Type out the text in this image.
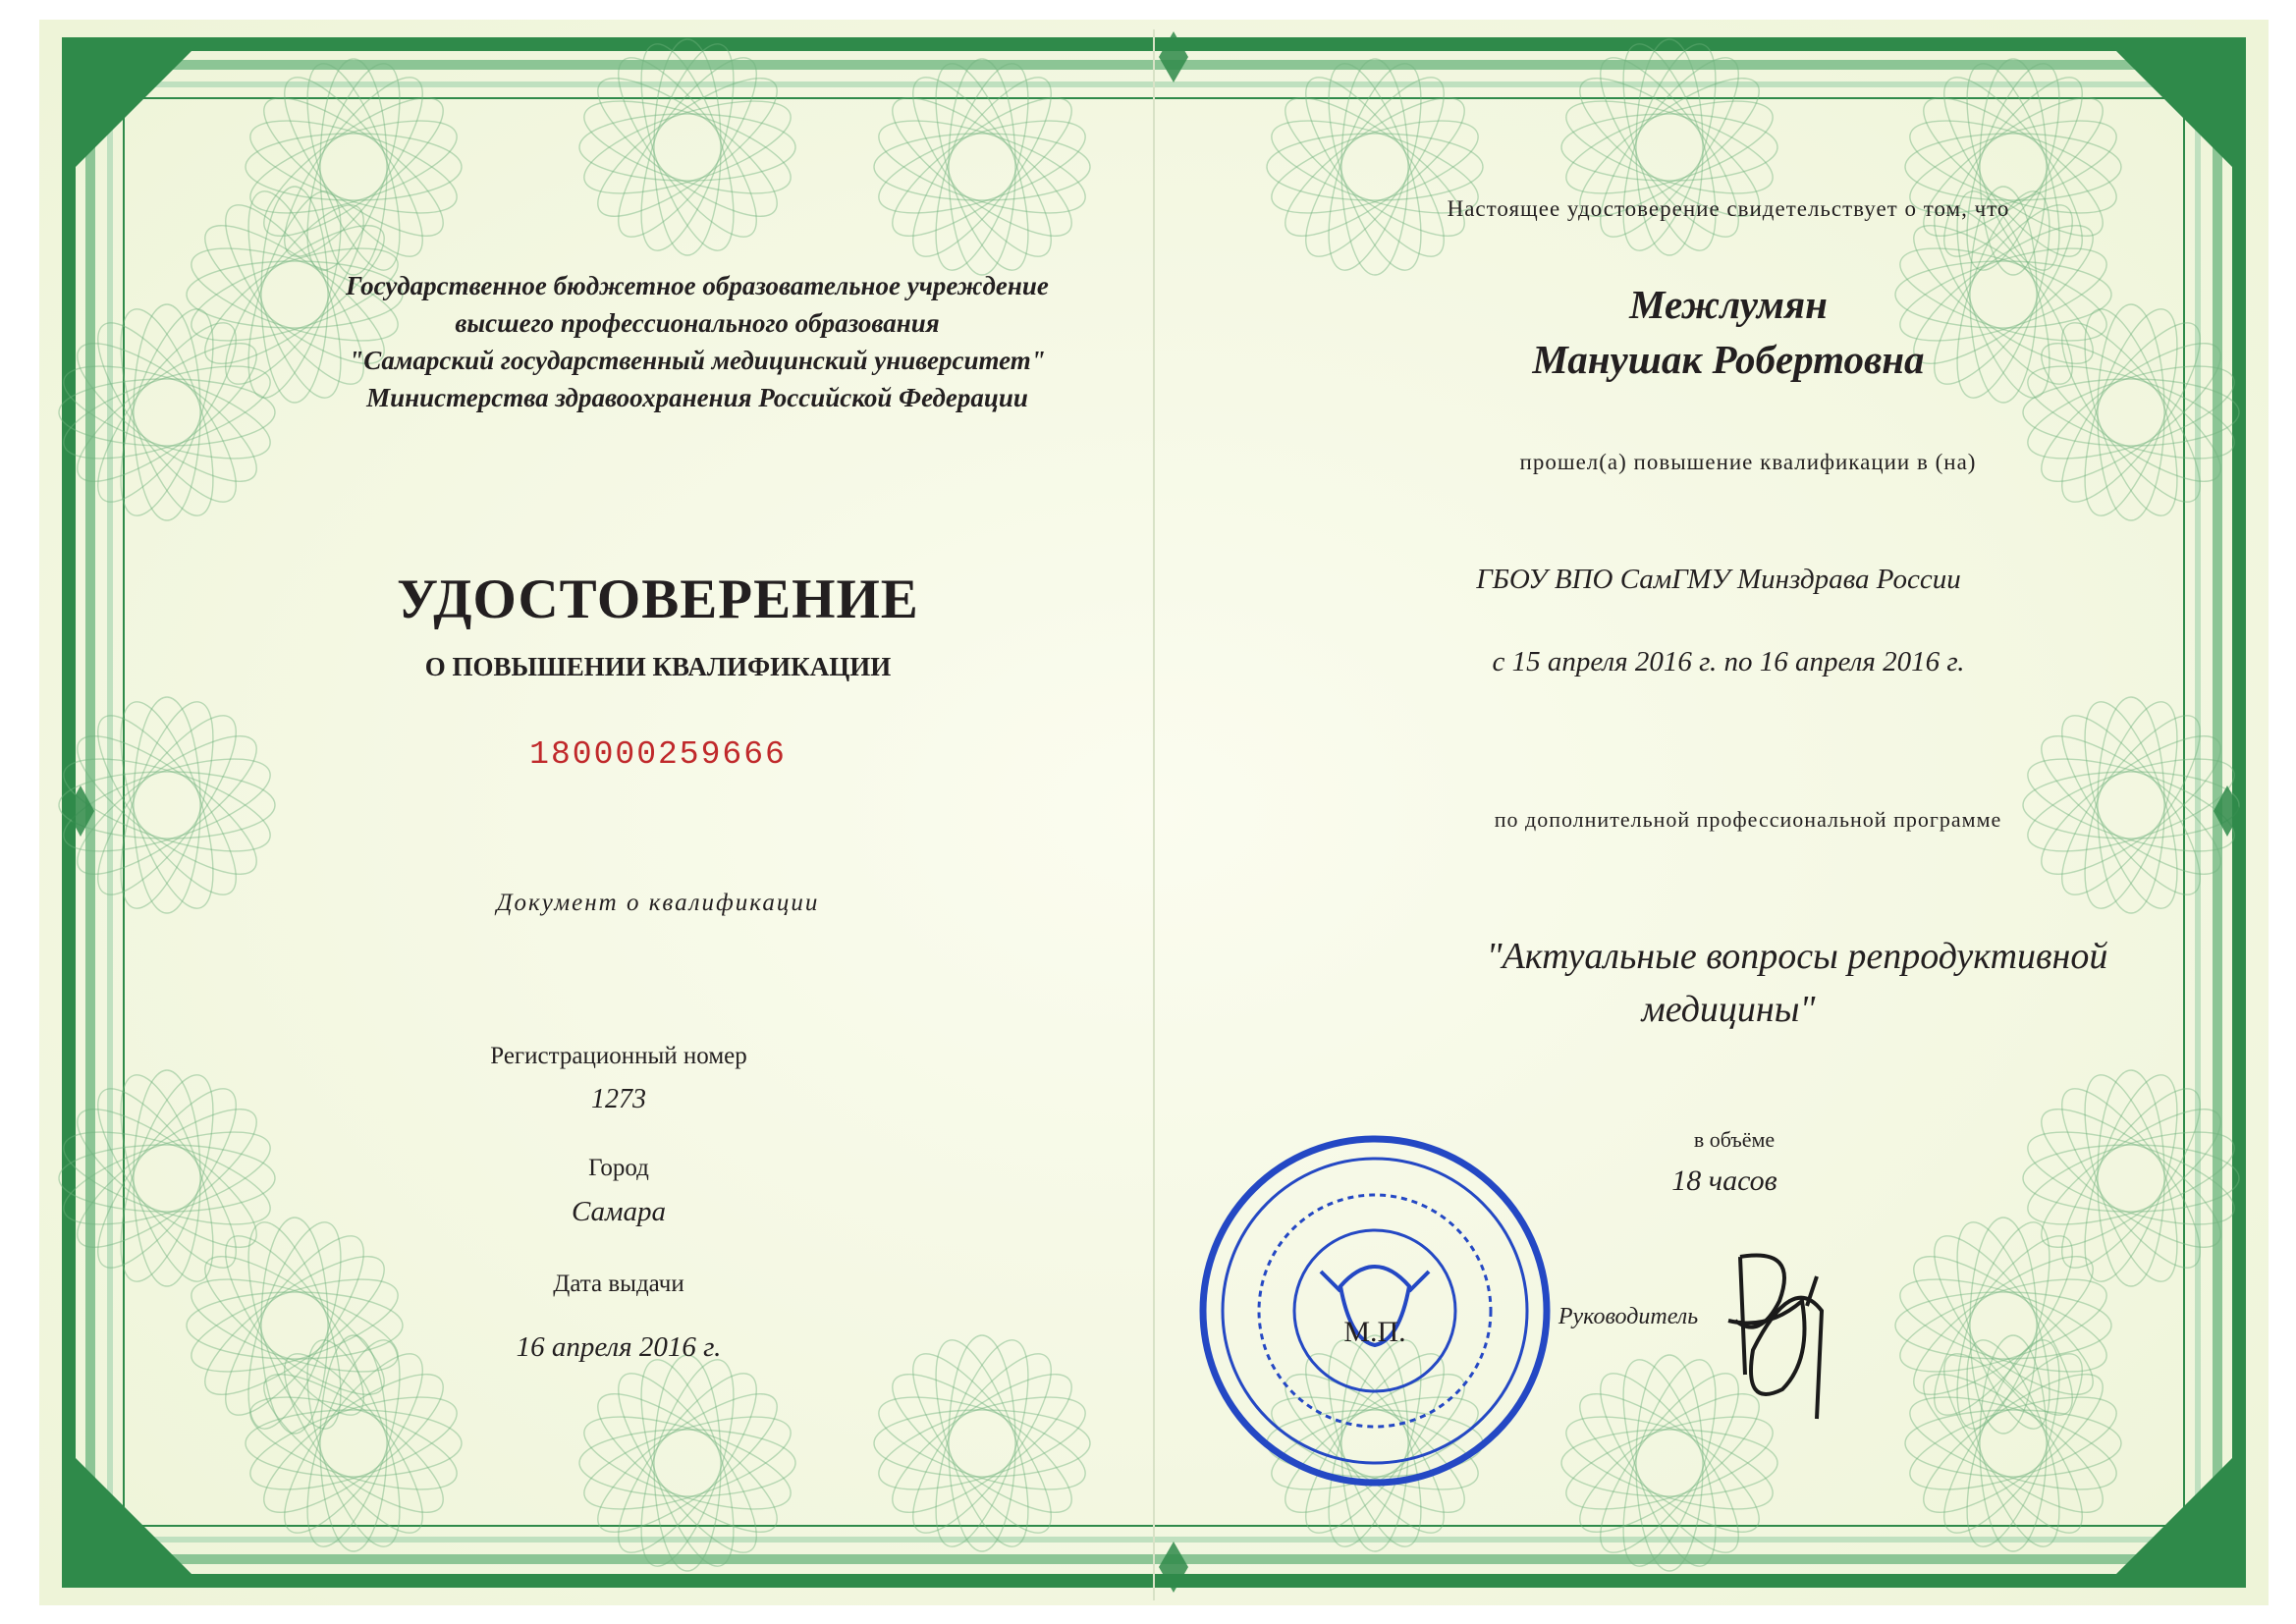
Государственное бюджетное образовательное учреждение
высшего профессионального образования
"Самарский государственный медицинский университет"
Министерства здравоохранения Российской Федерации
УДОСТОВЕРЕНИЕ
О ПОВЫШЕНИИ КВАЛИФИКАЦИИ
180000259666
Документ о квалификации
Регистрационный номер
1273
Город
Самара
Дата выдачи
16 апреля 2016 г.
Настоящее удостоверение свидетельствует о том, что
Межлумян
Манушак Робертовна
прошел(а) повышение квалификации в (на)
ГБОУ ВПО СамГМУ Минздрава России
с 15 апреля 2016 г. по 16 апреля 2016 г.
по дополнительной профессиональной программе
"Актуальные вопросы репродуктивной
медицины"
в объёме
18 часов
Руководитель
М.П.
